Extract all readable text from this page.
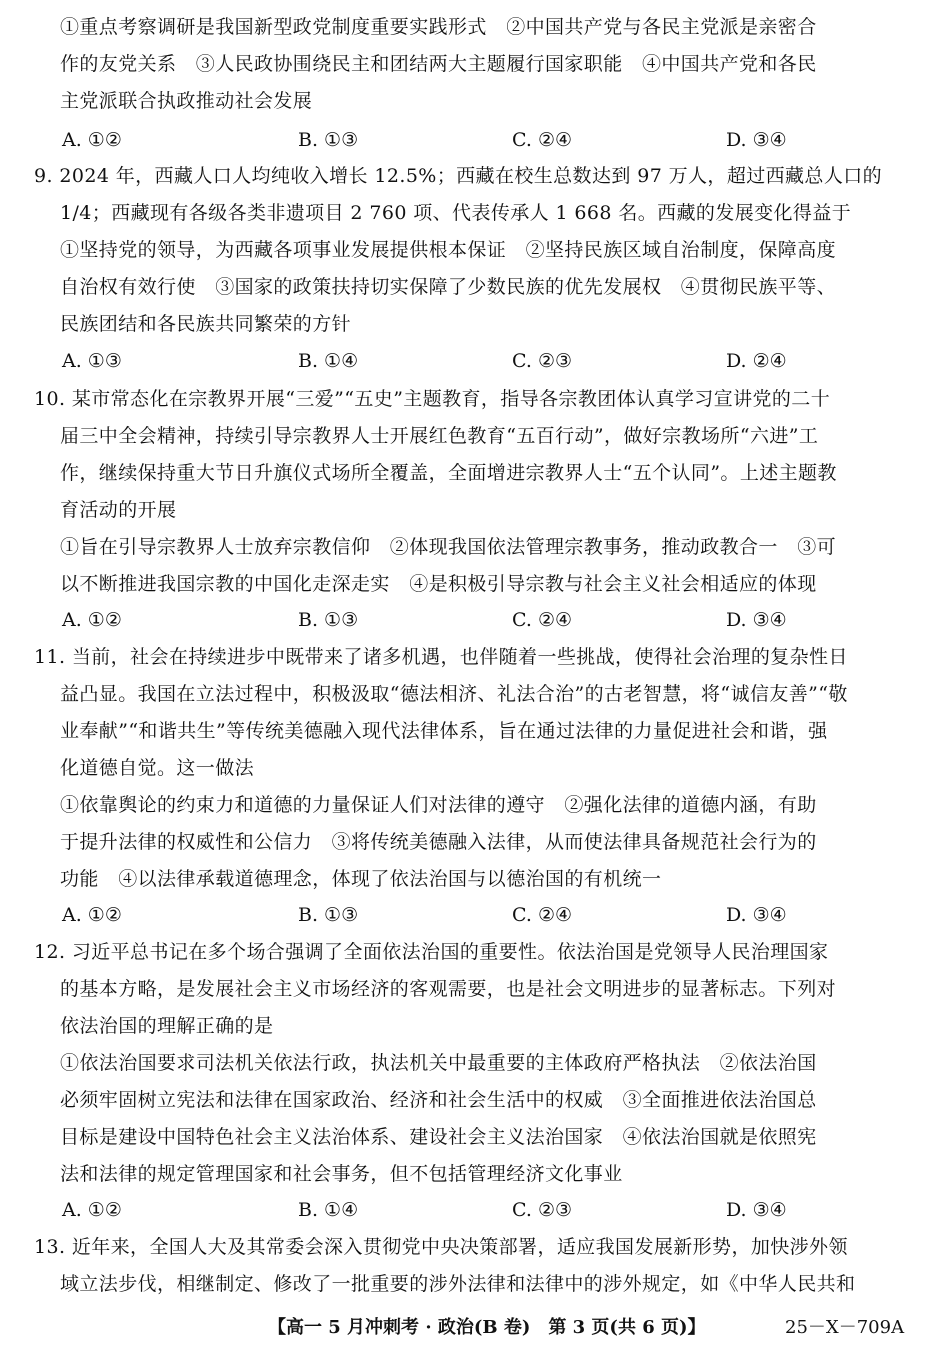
①重点考察调研是我国新型政党制度重要实践形式　②中国共产党与各民主党派是亲密合
作的友党关系　③人民政协围绕民主和团结两大主题履行国家职能　④中国共产党和各民
主党派联合执政推动社会发展
A. ①②	B. ①③	C. ②④	D. ③④
9. 2024 年，西藏人口人均纯收入增长 12.5%；西藏在校生总数达到 97 万人，超过西藏总人口的
1/4；西藏现有各级各类非遗项目 2 760 项、代表传承人 1 668 名。西藏的发展变化得益于
①坚持党的领导，为西藏各项事业发展提供根本保证　②坚持民族区域自治制度，保障高度
自治权有效行使　③国家的政策扶持切实保障了少数民族的优先发展权　④贯彻民族平等、
民族团结和各民族共同繁荣的方针
A. ①③	B. ①④	C. ②③	D. ②④
10. 某市常态化在宗教界开展“三爱”“五史”主题教育，指导各宗教团体认真学习宣讲党的二十
届三中全会精神，持续引导宗教界人士开展红色教育“五百行动”，做好宗教场所“六进”工
作，继续保持重大节日升旗仪式场所全覆盖，全面增进宗教界人士“五个认同”。上述主题教
育活动的开展
①旨在引导宗教界人士放弃宗教信仰　②体现我国依法管理宗教事务，推动政教合一　③可
以不断推进我国宗教的中国化走深走实　④是积极引导宗教与社会主义社会相适应的体现
A. ①②	B. ①③	C. ②④	D. ③④
11. 当前，社会在持续进步中既带来了诸多机遇，也伴随着一些挑战，使得社会治理的复杂性日
益凸显。我国在立法过程中，积极汲取“德法相济、礼法合治”的古老智慧，将“诚信友善”“敬
业奉献”“和谐共生”等传统美德融入现代法律体系，旨在通过法律的力量促进社会和谐，强
化道德自觉。这一做法
①依靠舆论的约束力和道德的力量保证人们对法律的遵守　②强化法律的道德内涵，有助
于提升法律的权威性和公信力　③将传统美德融入法律，从而使法律具备规范社会行为的
功能　④以法律承载道德理念，体现了依法治国与以德治国的有机统一
A. ①②	B. ①③	C. ②④	D. ③④
12. 习近平总书记在多个场合强调了全面依法治国的重要性。依法治国是党领导人民治理国家
的基本方略，是发展社会主义市场经济的客观需要，也是社会文明进步的显著标志。下列对
依法治国的理解正确的是
①依法治国要求司法机关依法行政，执法机关中最重要的主体政府严格执法　②依法治国
必须牢固树立宪法和法律在国家政治、经济和社会生活中的权威　③全面推进依法治国总
目标是建设中国特色社会主义法治体系、建设社会主义法治国家　④依法治国就是依照宪
法和法律的规定管理国家和社会事务，但不包括管理经济文化事业
A. ①②	B. ①④	C. ②③	D. ③④
13. 近年来，全国人大及其常委会深入贯彻党中央决策部署，适应我国发展新形势，加快涉外领
域立法步伐，相继制定、修改了一批重要的涉外法律和法律中的涉外规定，如《中华人民共和
【高一 5 月冲刺考 · 政治(B 卷)　第 3 页(共 6 页)】	25－X－709A
